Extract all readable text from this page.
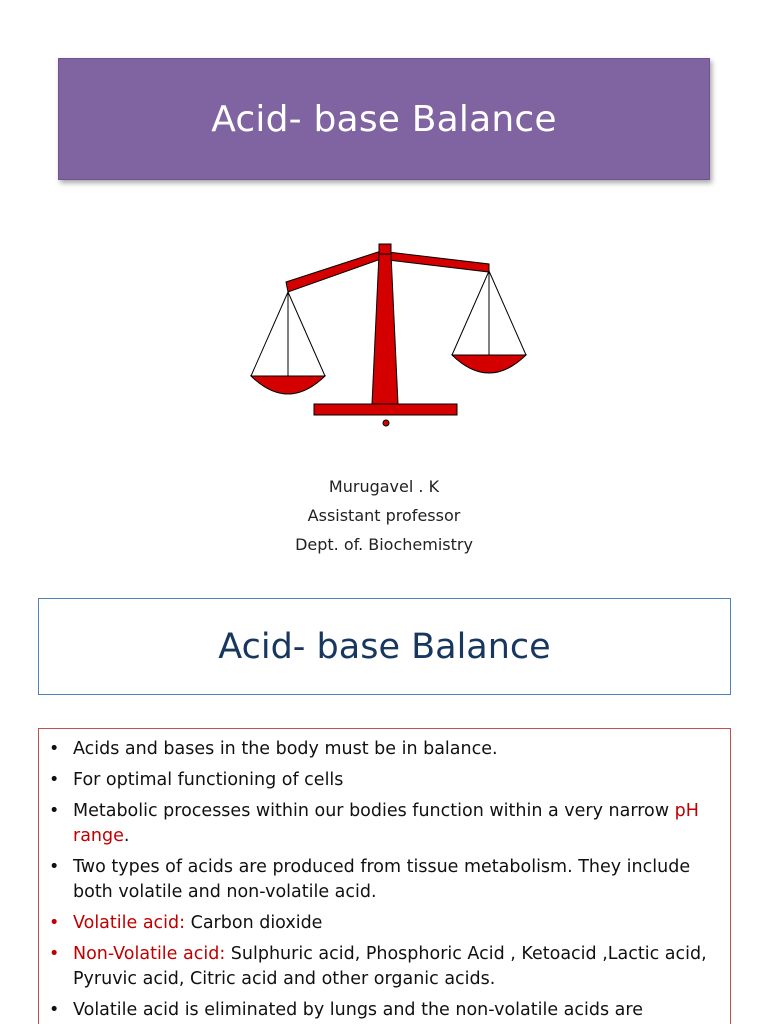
Acid- base Balance
Murugavel . K
Assistant professor
Dept. of. Biochemistry
Acid- base Balance
• Acids and bases in the body must be in balance.
• For optimal functioning of cells
• Metabolic processes within our bodies function within a very narrow pH range.
• Two types of acids are produced from tissue metabolism. They include both volatile and non-volatile acid.
• Volatile acid: Carbon dioxide
• Non-Volatile acid: Sulphuric acid, Phosphoric Acid , Ketoacid ,Lactic acid, Pyruvic acid, Citric acid and other organic acids.
• Volatile acid is eliminated by lungs and the non-volatile acids are
